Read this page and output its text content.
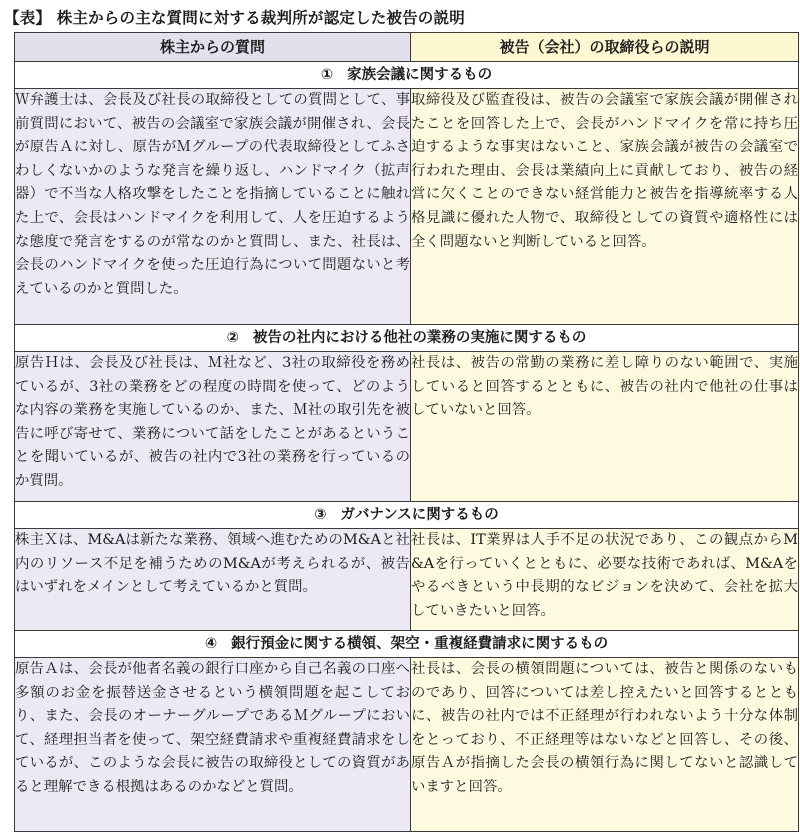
【表】 株主からの主な質問に対する裁判所が認定した被告の説明
株主からの質問	被告（会社）の取締役らの説明
① 家族会議に関するもの	
Ｗ弁護士は、会長及び社長の取締役としての質問として、事前質問において、被告の会議室で家族会議が開催され、会長が原告Ａに対し、原告がＭグループの代表取締役としてふさわしくないかのような発言を繰り返し、ハンドマイク（拡声器）で不当な人格攻撃をしたことを指摘していることに触れた上で、会長はハンドマイクを利用して、人を圧迫するような態度で発言をするのが常なのかと質問し、また、社長は、会長のハンドマイクを使った圧迫行為について問題ないと考えているのかと質問した。	取締役及び監査役は、被告の会議室で家族会議が開催されたことを回答した上で、会長がハンドマイクを常に持ち圧迫するような事実はないこと、家族会議が被告の会議室で行われた理由、会長は業績向上に貢献しており、被告の経営に欠くことのできない経営能力と被告を指導統率する人格見識に優れた人物で、取締役としての資質や適格性には全く問題ないと判断していると回答。
② 被告の社内における他社の業務の実施に関するもの	
原告Ｈは、会長及び社長は、Ｍ社など、3社の取締役を務めているが、3社の業務をどの程度の時間を使って、どのような内容の業務を実施しているのか、また、Ｍ社の取引先を被告に呼び寄せて、業務について話をしたことがあるということを聞いているが、被告の社内で3社の業務を行っているのか質問。	社長は、被告の常勤の業務に差し障りのない範囲で、実施していると回答するとともに、被告の社内で他社の仕事はしていないと回答。
③ ガバナンスに関するもの	
株主Ｘは、M&Aは新たな業務、領域へ進むためのM&Aと社内のリソース不足を補うためのM&Aが考えられるが、被告はいずれをメインとして考えているかと質問。	社長は、IT業界は人手不足の状況であり、この観点からM&Aを行っていくとともに、必要な技術であれば、M&Aをやるべきという中長期的なビジョンを決めて、会社を拡大していきたいと回答。
④ 銀行預金に関する横領、架空・重複経費請求に関するもの	
原告Ａは、会長が他者名義の銀行口座から自己名義の口座へ多額のお金を振替送金させるという横領問題を起こしており、また、会長のオーナーグループであるＭグループにおいて、経理担当者を使って、架空経費請求や重複経費請求をしているが、このような会長に被告の取締役としての資質があると理解できる根拠はあるのかなどと質問。	社長は、会長の横領問題については、被告と関係のないものであり、回答については差し控えたいと回答するとともに、被告の社内では不正経理が行われないよう十分な体制をとっており、不正経理等はないなどと回答し、その後、原告Ａが指摘した会長の横領行為に関してないと認識していますと回答。
